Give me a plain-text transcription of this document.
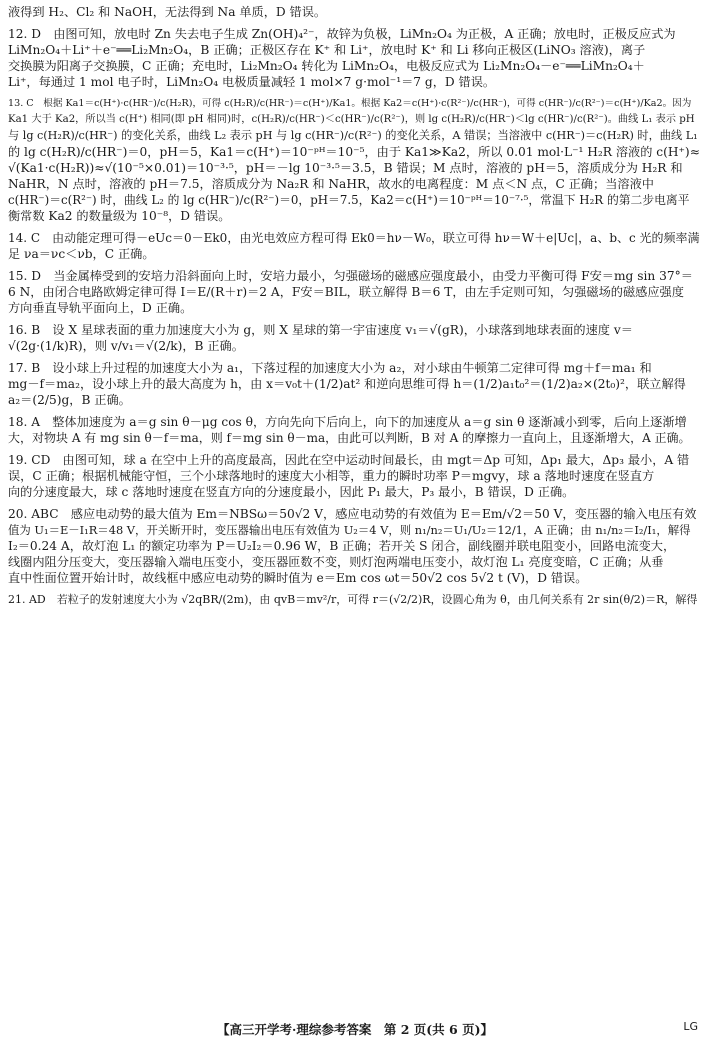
液得到 H₂、Cl₂ 和 NaOH，无法得到 Na 单质，D 错误。

12. D　由图可知，放电时 Zn 失去电子生成 Zn(OH)₄²⁻，故锌为负极，LiMn₂O₄ 为正极，A 正确；放电时，正极反应式为

LiMn₂O₄＋Li⁺＋e⁻══Li₂Mn₂O₄，B 正确；正极区存在 K⁺ 和 Li⁺，放电时 K⁺ 和 Li 移向正极区(LiNO₃ 溶液)，离子

交换膜为阳离子交换膜，C 正确；充电时，Li₂Mn₂O₄ 转化为 LiMn₂O₄，电极反应式为 Li₂Mn₂O₄－e⁻══LiMn₂O₄＋

Li⁺，每通过 1 mol 电子时，LiMn₂O₄ 电极质量减轻 1 mol×7 g·mol⁻¹＝7 g，D 错误。

13. C　根据 Ka1＝c(H⁺)·c(HR⁻)/c(H₂R)，可得 c(H₂R)/c(HR⁻)＝c(H⁺)/Ka1。根据 Ka2＝c(H⁺)·c(R²⁻)/c(HR⁻)，可得 c(HR⁻)/c(R²⁻)＝c(H⁺)/Ka2。因为

Ka1 大于 Ka2，所以当 c(H⁺) 相同(即 pH 相同)时，c(H₂R)/c(HR⁻)＜c(HR⁻)/c(R²⁻)，则 lg c(H₂R)/c(HR⁻)＜lg c(HR⁻)/c(R²⁻)。曲线 L₁ 表示 pH

与 lg c(H₂R)/c(HR⁻) 的变化关系，曲线 L₂ 表示 pH 与 lg c(HR⁻)/c(R²⁻) 的变化关系，A 错误；当溶液中 c(HR⁻)＝c(H₂R) 时，曲线 L₁

的 lg c(H₂R)/c(HR⁻)＝0，pH＝5，Ka1＝c(H⁺)＝10⁻ᵖᴴ＝10⁻⁵，由于 Ka1≫Ka2，所以 0.01 mol·L⁻¹ H₂R 溶液的 c(H⁺)≈

√(Ka1·c(H₂R))≈√(10⁻⁵×0.01)＝10⁻³·⁵，pH＝－lg 10⁻³·⁵＝3.5，B 错误；M 点时，溶液的 pH＝5，溶质成分为 H₂R 和

NaHR，N 点时，溶液的 pH＝7.5，溶质成分为 Na₂R 和 NaHR，故水的电离程度：M 点＜N 点，C 正确；当溶液中

c(HR⁻)＝c(R²⁻) 时，曲线 L₂ 的 lg c(HR⁻)/c(R²⁻)＝0，pH＝7.5，Ka2＝c(H⁺)＝10⁻ᵖᴴ＝10⁻⁷·⁵，常温下 H₂R 的第二步电离平

衡常数 Ka2 的数量级为 10⁻⁸，D 错误。

14. C　由动能定理可得－eUc＝0－Ek0，由光电效应方程可得 Ek0＝hν－W₀，联立可得 hν＝W＋e|Uc|，a、b、c 光的频率满

足 νa＝νc＜νb，C 正确。

15. D　当金属棒受到的安培力沿斜面向上时，安培力最小，匀强磁场的磁感应强度最小，由受力平衡可得 F安＝mg sin 37°＝

6 N，由闭合电路欧姆定律可得 I＝E/(R＋r)＝2 A，F安＝BIL，联立解得 B＝6 T，由左手定则可知，匀强磁场的磁感应强度

方向垂直导轨平面向上，D 正确。

16. B　设 X 星球表面的重力加速度大小为 g，则 X 星球的第一宇宙速度 v₁＝√(gR)，小球落到地球表面的速度 v＝

√(2g·(1/k)R)，则 v/v₁＝√(2/k)，B 正确。

17. B　设小球上升过程的加速度大小为 a₁，下落过程的加速度大小为 a₂，对小球由牛顿第二定律可得 mg＋f＝ma₁ 和

mg－f＝ma₂，设小球上升的最大高度为 h，由 x＝v₀t＋(1/2)at² 和逆向思维可得 h＝(1/2)a₁t₀²＝(1/2)a₂×(2t₀)²，联立解得

a₂＝(2/5)g，B 正确。

18. A　整体加速度为 a＝g sin θ－μg cos θ，方向先向下后向上，向下的加速度从 a＝g sin θ 逐渐减小到零，后向上逐渐增

大，对物块 A 有 mg sin θ－f＝ma，则 f＝mg sin θ－ma，由此可以判断，B 对 A 的摩擦力一直向上，且逐渐增大，A 正确。

19. CD　由图可知，球 a 在空中上升的高度最高，因此在空中运动时间最长，由 mgt＝Δp 可知，Δp₁ 最大，Δp₃ 最小，A 错

误，C 正确；根据机械能守恒，三个小球落地时的速度大小相等，重力的瞬时功率 P＝mgvy，球 a 落地时速度在竖直方

向的分速度最大，球 c 落地时速度在竖直方向的分速度最小，因此 P₁ 最大，P₃ 最小，B 错误，D 正确。

20. ABC　感应电动势的最大值为 Em＝NBSω＝50√2 V，感应电动势的有效值为 E＝Em/√2＝50 V，变压器的输入电压有效

值为 U₁＝E－I₁R＝48 V，开关断开时，变压器输出电压有效值为 U₂＝4 V，则 n₁/n₂＝U₁/U₂＝12/1，A 正确；由 n₁/n₂＝I₂/I₁，解得

I₂＝0.24 A，故灯泡 L₁ 的额定功率为 P＝U₂I₂＝0.96 W，B 正确；若开关 S 闭合，副线圈并联电阻变小，回路电流变大，

线圈内阻分压变大，变压器输入端电压变小，变压器匝数不变，则灯泡两端电压变小，故灯泡 L₁ 亮度变暗，C 正确；从垂

直中性面位置开始计时，故线框中感应电动势的瞬时值为 e＝Em cos ωt＝50√2 cos 5√2 t (V)，D 错误。

21. AD　若粒子的发射速度大小为 √2qBR/(2m)，由 qvB＝mv²/r，可得 r＝(√2/2)R，设圆心角为 θ，由几何关系有 2r sin(θ/2)＝R，解得

【高三开学考·理综参考答案　第 2 页(共 6 页)】	LG
